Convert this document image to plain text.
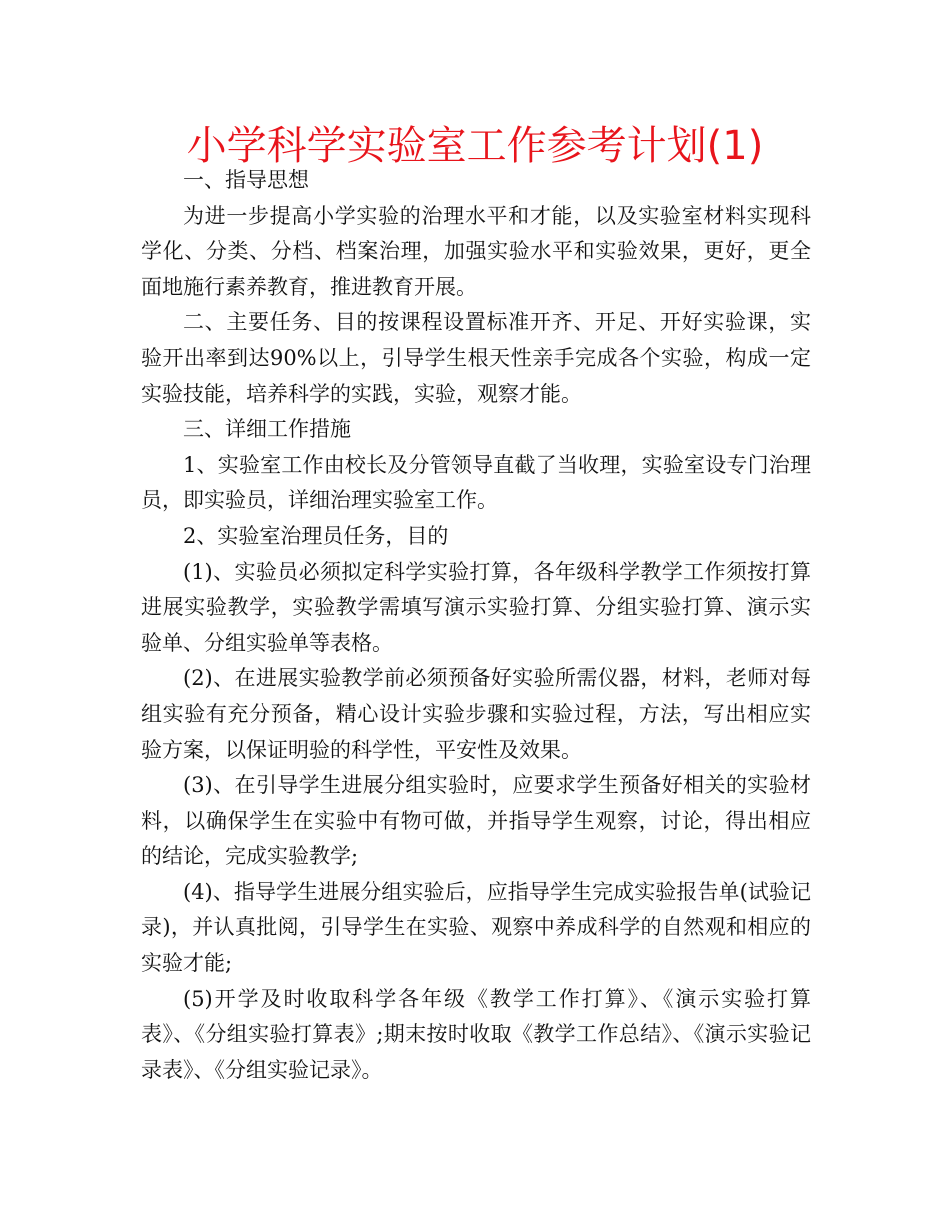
小学科学实验室工作参考计划(1)

一、指导思想

为进一步提高小学实验的治理水平和才能，以及实验室材料实现科学化、分类、分档、档案治理，加强实验水平和实验效果，更好，更全面地施行素养教育，推进教育开展。

二、主要任务、目的按课程设置标准开齐、开足、开好实验课，实验开出率到达90%以上，引导学生根天性亲手完成各个实验，构成一定实验技能，培养科学的实践，实验，观察才能。

三、详细工作措施

1、实验室工作由校长及分管领导直截了当收理，实验室设专门治理员，即实验员，详细治理实验室工作。

2、实验室治理员任务，目的

(1)、实验员必须拟定科学实验打算，各年级科学教学工作须按打算进展实验教学，实验教学需填写演示实验打算、分组实验打算、演示实验单、分组实验单等表格。

(2)、在进展实验教学前必须预备好实验所需仪器，材料，老师对每组实验有充分预备，精心设计实验步骤和实验过程，方法，写出相应实验方案，以保证明验的科学性，平安性及效果。

(3)、在引导学生进展分组实验时，应要求学生预备好相关的实验材料，以确保学生在实验中有物可做，并指导学生观察，讨论，得出相应的结论，完成实验教学;

(4)、指导学生进展分组实验后，应指导学生完成实验报告单(试验记录)，并认真批阅，引导学生在实验、观察中养成科学的自然观和相应的实验才能;

(5)开学及时收取科学各年级《教学工作打算》、《演示实验打算表》、《分组实验打算表》;期末按时收取《教学工作总结》、《演示实验记录表》、《分组实验记录》。
